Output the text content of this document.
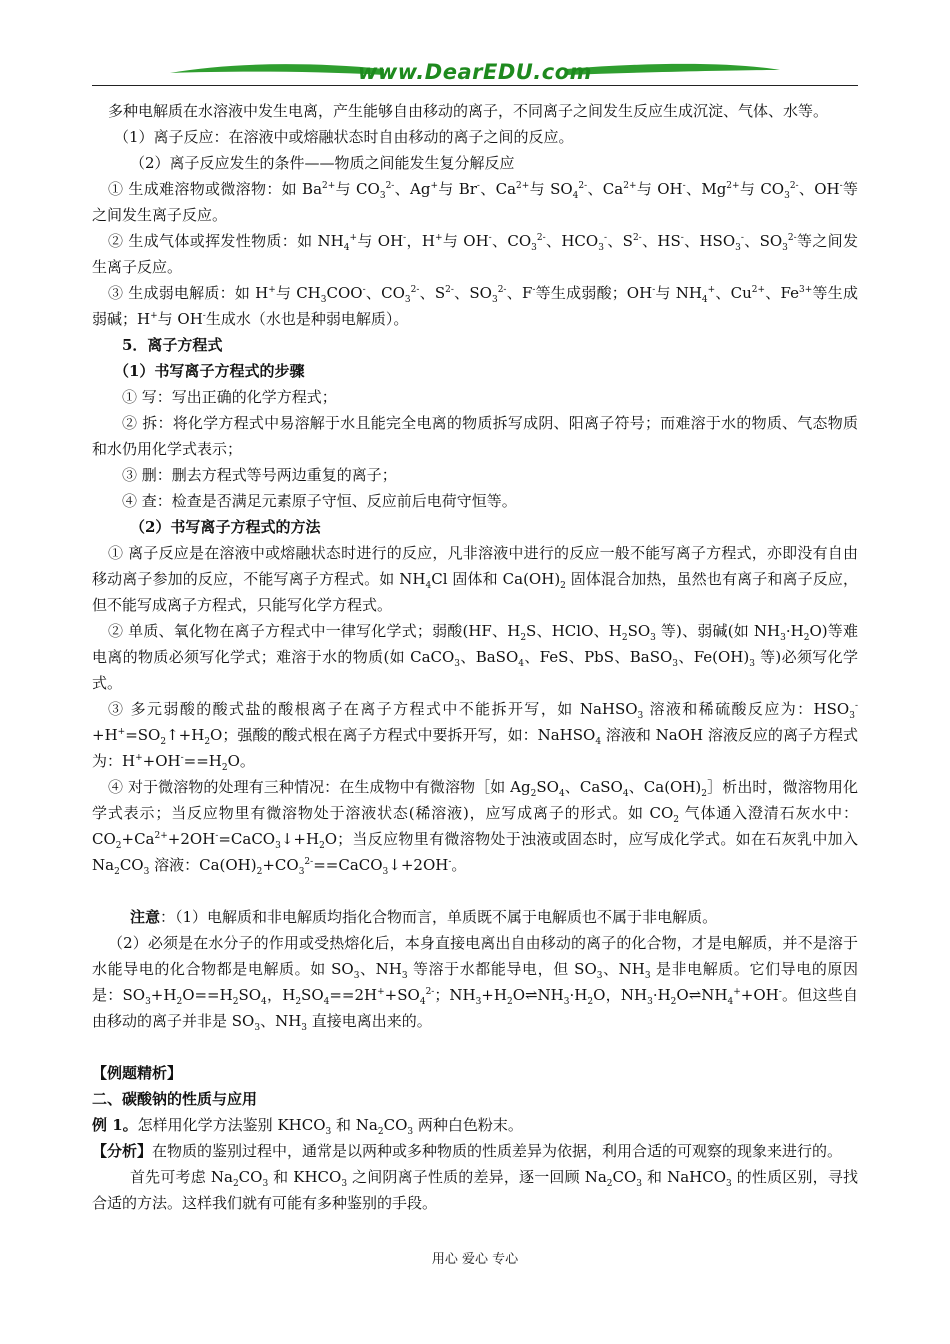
www.DearEDU.com

多种电解质在水溶液中发生电离，产生能够自由移动的离子，不同离子之间发生反应生成沉淀、气体、水等。

（1）离子反应：在溶液中或熔融状态时自由移动的离子之间的反应。

（2）离子反应发生的条件——物质之间能发生复分解反应

① 生成难溶物或微溶物：如 $Ba^{2+}$与 $CO_3^{2-}$、Ag+与 Br-、$Ca^{2+}$与 $SO_4^{2-}$、$Ca^{2+}$与 OH-、$Mg^{2+}$与 $CO_3^{2-}$、OH-等之间发生离子反应。

② 生成气体或挥发性物质：如 $NH_4^+$与 OH-，H+与 OH-、$CO_3^{2-}$、$HCO_3^-$、$S^{2-}$、HS-、$HSO_3^-$、$SO_3^{2-}$等之间发生离子反应。

③ 生成弱电解质：如 H+与 $CH_3COO^-$、$CO_3^{2-}$、$S^{2-}$、$SO_3^{2-}$、F-等生成弱酸；OH-与 $NH_4^+$、$Cu^{2+}$、$Fe^{3+}$等生成弱碱；H+与 OH-生成水（水也是种弱电解质）。

5．离子方程式

（1）书写离子方程式的步骤

① 写：写出正确的化学方程式；

② 拆：将化学方程式中易溶解于水且能完全电离的物质拆写成阴、阳离子符号；而难溶于水的物质、气态物质和水仍用化学式表示；

③ 删：删去方程式等号两边重复的离子；

④ 查：检查是否满足元素原子守恒、反应前后电荷守恒等。

（2）书写离子方程式的方法

① 离子反应是在溶液中或熔融状态时进行的反应，凡非溶液中进行的反应一般不能写离子方程式，亦即没有自由移动离子参加的反应，不能写离子方程式。如 $NH_4Cl$ 固体和 $Ca(OH)_2$ 固体混合加热，虽然也有离子和离子反应，但不能写成离子方程式，只能写化学方程式。

② 单质、氧化物在离子方程式中一律写化学式；弱酸(HF、$H_2S$、HClO、$H_2SO_3$ 等)、弱碱(如 $NH_3\cdot H_2O$)等难电离的物质必须写化学式；难溶于水的物质(如 CaCO$_3$、BaSO$_4$、FeS、PbS、BaSO$_3$、$Fe(OH)_3$ 等)必须写化学式。

③ 多元弱酸的酸式盐的酸根离子在离子方程式中不能拆开写，如 NaHSO$_3$ 溶液和稀硫酸反应为：$HSO_3^-+H^+=SO_2↑+H_2O$；强酸的酸式根在离子方程式中要拆开写，如：NaHSO$_4$ 溶液和 NaOH 溶液反应的离子方程式为：$H^++OH^-==H_2O$。

④ 对于微溶物的处理有三种情况：在生成物中有微溶物［如 $Ag_2SO_4$、CaSO$_4$、$Ca(OH)_2]$析出时，微溶物用化学式表示；当反应物里有微溶物处于溶液状态(稀溶液)，应写成离子的形式。如 $CO_2$ 气体通入澄清石灰水中：$CO_2+Ca^{2+}+2OH^-=CaCO_3↓+H_2O$；当反应物里有微溶物处于浊液或固态时，应写成化学式。如在石灰乳中加入 $Na_2CO_3$ 溶液：$Ca(OH)_2+CO_3^{2-}==CaCO_3↓+2OH^-$。

注意：（1）电解质和非电解质均指化合物而言，单质既不属于电解质也不属于非电解质。

（2）必须是在水分子的作用或受热熔化后，本身直接电离出自由移动的离子的化合物，才是电解质，并不是溶于水能导电的化合物都是电解质。如 $SO_3$、$NH_3$ 等溶于水都能导电，但 $SO_3$、$NH_3$ 是非电解质。它们导电的原因是：$SO_3+H_2O==H_2SO_4$，$H_2SO_4==2H^++SO_4^{2-}$；$NH_3+H_2O\rightleftharpoons NH_3\cdot H_2O$，$NH_3\cdot H_2O\rightleftharpoons NH_4^++OH^-$。但这些自由移动的离子并非是 $SO_3$、$NH_3$ 直接电离出来的。

【例题精析】

二、碳酸钠的性质与应用

例 1。怎样用化学方法鉴别 $KHCO_3$ 和 $Na_2CO_3$ 两种白色粉末。

【分析】在物质的鉴别过程中，通常是以两种或多种物质的性质差异为依据，利用合适的可观察的现象来进行的。

首先可考虑 $Na_2CO_3$ 和 $KHCO_3$ 之间阴离子性质的差异，逐一回顾 $Na_2CO_3$ 和 NaHCO$_3$ 的性质区别，寻找合适的方法。这样我们就有可能有多种鉴别的手段。

用心 爱心 专心
